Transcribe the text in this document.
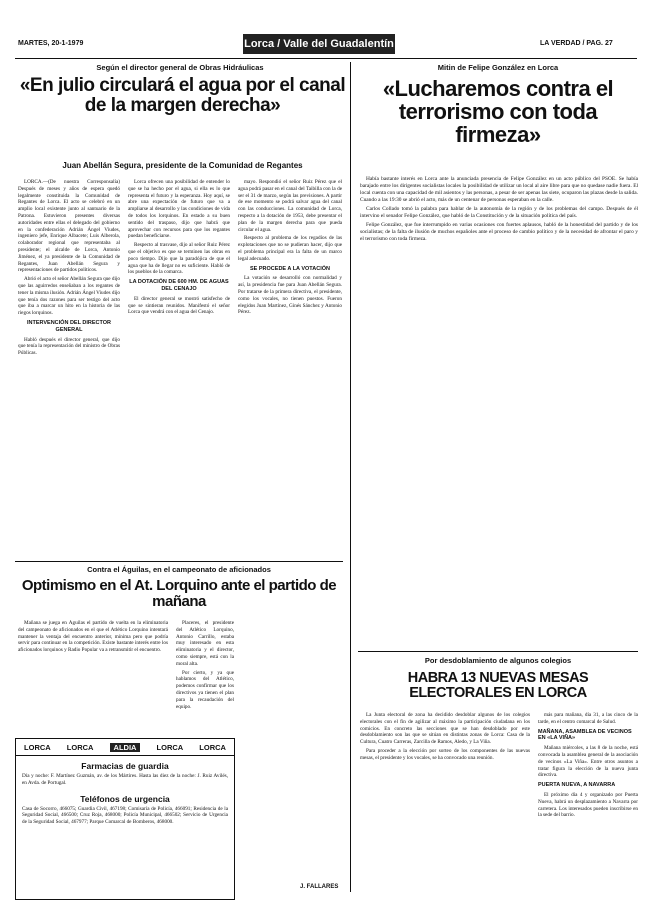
MARTES, 20-1-1979	Lorca / Valle del Guadalentín	LA VERDAD / PAG. 27
Según el director general de Obras Hidráulicas
«En julio circulará el agua por el canal de la margen derecha»
Juan Abellán Segura, presidente de la Comunidad de Regantes

LORCA.—(De nuestra Corresponsalía) Después de meses y años de espera quedó legalmente constituida la Comunidad de Regantes de Lorca. El acto se celebró en un amplio local existente junto al santuario de la Patrona. Estuvieron presentes diversas autoridades entre ellas el delegado del gobierno en la confederación Adrián Ángel Viudes, ingeniero jefe, Enrique Albacete; Luis Alberola, colaborador regional que representaba al presidente; el alcalde de Lorca, Antonio Jiménez, el ya presidente de la Comunidad de Regantes, Juan Abellán Segura y representaciones de partidos políticos.

Abrió el acto el señor Abellán Segura que dijo que las aguirredos enseñaban a los regantes de tener la misma ilusión. Adrián Ángel Viudes dijo que tenía dos razones para ser testigo del acto que iba a marcar un hito en la historia de las riegos lorquinos.

INTERVENCIÓN DEL DIRECTOR GENERAL

Habló después el director general, que dijo que tenía la representación del ministro de Obras Públicas.

Lorca ofrecen una posibilidad de entender lo que se ha hecho por el agua, si ella es lo que representa el futuro y la esperanza. Hoy aquí, se abre una expectación de futuro que va a ampliarse al desarrollo y las condiciones de vida de todos los lorquinos. En estado a su buen sentido del traspaso, dijo que habrá que aprovechar con recursos para que los regantes puedan beneficiarse.

Respecto al trasvase, dijo al señor Ruiz Pérez que el objetivo es que se terminen las obras en poco tiempo. Dijo que la paradójica de que el agua que ha de llegar no es suficiente. Habló de los pueblos de la comarca.

LA DOTACIÓN DE 600 HM. DE AGUAS DEL CENAJO

El director general se mostró satisfecho de que se sintieran reunidos. Manifestó el señor Lorca que vendrá con el agua del Cenajo.

mayo. Respondió el señor Ruiz Pérez que el agua podrá pasar en el canal del Taibilla con la de ser el 31 de marzo, según las previsiones. A partir de ese momento se podrá salvar agua del canal con las conducciones. La comunidad de Lorca, respecto a la dotación de 1953, debe presentar el plan de la margen derecha para que pueda circular el agua.

Respecto al problema de los regadíos de las explotaciones que no se pudieran hacer, dijo que el problema principal era la falta de un marco legal adecuado.

SE PROCEDE A LA VOTACIÓN

La votación se desarrolló con normalidad y así, la presidencia fue para Juan Abellán Segura. Por tratarse de la primera directiva, el presidente, como los vocales, no tienen puestos. Fueron elegidos Juan Martínez, Ginés Sánchez y Antonio Pérez.

J. FALLARES
Mitin de Felipe González en Lorca
«Lucharemos contra el terrorismo con toda firmeza»

Había bastante interés en Lorca ante la anunciada presencia de Felipe González en un acto público del PSOE. Se había barajado entre los dirigentes socialistas locales la posibilidad de utilizar un local al aire libre para que no quedase nadie fuera. El local cuenta con una capacidad de mil asientos y las personas, a pesar de ser apenas las siete, ocuparon las plazas desde la salida. Cuando a las 19:30 se abrió el acto, más de un centenar de personas esperaban en la calle.

Carlos Collado tomó la palabra para hablar de la autonomía de la región y de los problemas del campo. Después de él intervino el senador Felipe González, que habló de la Constitución y de la situación política del país.

Felipe González, que fue interrumpido en varias ocasiones con fuertes aplausos, habló de la honestidad del partido y de los socialistas; de la falta de ilusión de muchos españoles ante el proceso de cambio político y de la necesidad de afrontar el paro y el terrorismo con toda firmeza.

Contra el Águilas, en el campeonato de aficionados
Optimismo en el At. Lorquino ante el partido de mañana

Mañana se juega en Águilas el partido de vuelta en la eliminatoria del campeonato de aficionados en el que el Atlético Lorquino intentará mantener la ventaja del encuentro anterior, mínima pero que podría servir para continuar en la competición. Existe bastante interés entre los aficionados lorquinos y Radio Popular va a retransmitir el encuentro.

Placeres, el presidente del Atlético Lorquino, Antonio Carrillo, estaba muy interesado en esta eliminatoria y el director, como siempre, está con la moral alta.

Por cierto, y ya que hablamos del Atlético, podemos confirmar que los directivos ya tienen el plan para la recaudación del equipo.

LORCA LORCA	ALDIA	LORCA LORCA
Farmacias de guardia
Día y noche: F. Martínez Guzmán, av. de los Mártires. Hasta las diez de la noche: J. Ruiz Avilés, en Avda. de Portugal.
Teléfonos de urgencia
Casa de Socorro, 466075; Guardia Civil, 467198; Comisaría de Policía, 466091; Residencia de la Seguridad Social, 466500; Cruz Roja, 468000; Policía Municipal, 466502; Servicio de Urgencia de la Seguridad Social, 467977; Parque Comarcal de Bomberos, 468000.
Por desdoblamiento de algunos colegios
HABRA 13 NUEVAS MESAS ELECTORALES EN LORCA

La Junta electoral de zona ha decidido desdoblar algunos de los colegios electorales con el fin de agilizar al máximo la participación ciudadana en los comicios. En concreto las secciones que se han desdoblado por este desdoblamiento son las que se sitúan en distintas zonas de Lorca: Casa de la Cultura, Cuatro Carreras, Zarcilla de Ramos, Aledo, y La Viña.

Para proceder a la elección por sorteo de los componentes de las nuevas mesas, el presidente y los vocales, se ha convocado una reunión.

más para mañana, día 31, a las cinco de la tarde, en el centro comarcal de Salud.

MAÑANA, ASAMBLEA DE VECINOS EN «LA VIÑA»

Mañana miércoles, a las 8 de la noche, está convocada la asamblea general de la asociación de vecinos «La Viña». Entre otros asuntos a tratar figura la elección de la nueva junta directiva.

PUERTA NUEVA, A NAVARRA

El próximo día 4 y organizado por Puerta Nueva, habrá un desplazamiento a Navarra por carretera. Los interesados pueden inscribirse en la sede del barrio.
